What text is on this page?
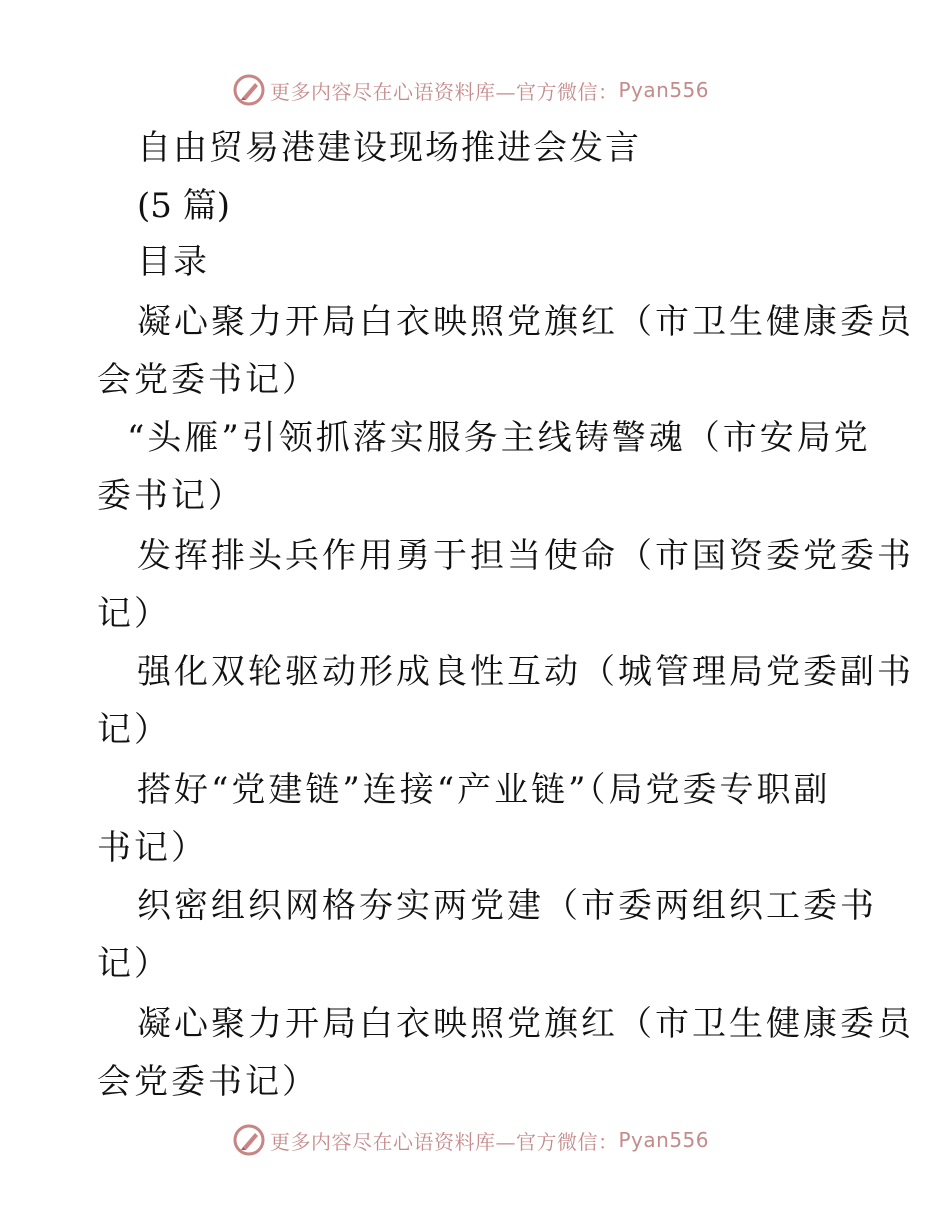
更多内容尽在心语资料库—官方微信： Pyan556
自由贸易港建设现场推进会发言
(5 篇)
目录
凝心聚力开局白衣映照党旗红（市卫生健康委员
会党委书记）
“头雁”引领抓落实服务主线铸警魂（市安局党
委书记）
发挥排头兵作用勇于担当使命（市国资委党委书
记）
强化双轮驱动形成良性互动（城管理局党委副书
记）
搭好“党建链”连接“产业链”（局党委专职副
书记）
织密组织网格夯实两党建（市委两组织工委书
记）
凝心聚力开局白衣映照党旗红（市卫生健康委员
会党委书记）
更多内容尽在心语资料库—官方微信： Pyan556
